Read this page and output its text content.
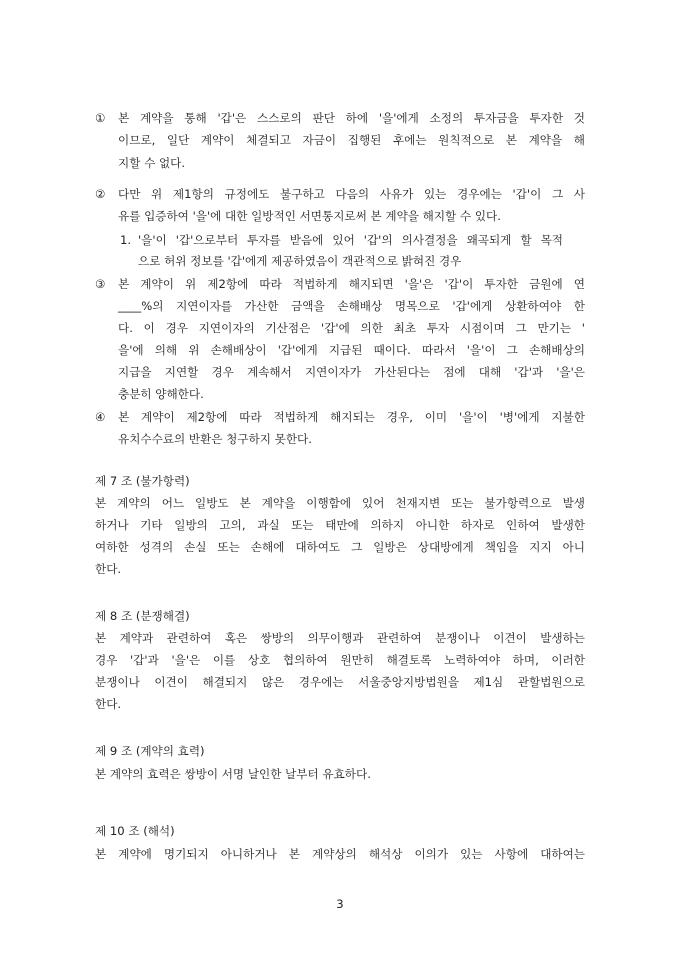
① 본 계약을 통해 '갑'은 스스로의 판단 하에 '을'에게 소정의 투자금을 투자한 것
이므로, 일단 계약이 체결되고 자금이 집행된 후에는 원칙적으로 본 계약을 해
지할 수 없다.
② 다만 위 제1항의 규정에도 불구하고 다음의 사유가 있는 경우에는 '갑'이 그 사
유를 입증하여 '을'에 대한 일방적인 서면통지로써 본 계약을 해지할 수 있다.
1. '을'이 '갑'으로부터 투자를 받음에 있어 '갑'의 의사결정을 왜곡되게 할 목적
으로 허위 정보를 '갑'에게 제공하였음이 객관적으로 밝혀진 경우
③ 본 계약이 위 제2항에 따라 적법하게 해지되면 '을'은 '갑'이 투자한 금원에 연
____%의 지연이자를 가산한 금액을 손해배상 명목으로 '갑'에게 상환하여야 한
다. 이 경우 지연이자의 기산점은 '갑'에 의한 최초 투자 시점이며 그 만기는 '
을'에 의해 위 손해배상이 '갑'에게 지급된 때이다. 따라서 '을'이 그 손해배상의
지급을 지연할 경우 계속해서 지연이자가 가산된다는 점에 대해 '갑'과 '을'은
충분히 양해한다.
④ 본 계약이 제2항에 따라 적법하게 해지되는 경우, 이미 '을'이 '병'에게 지불한
유치수수료의 반환은 청구하지 못한다.
제 7 조 (불가항력)
본 계약의 어느 일방도 본 계약을 이행함에 있어 천재지변 또는 불가항력으로 발생
하거나 기타 일방의 고의, 과실 또는 태만에 의하지 아니한 하자로 인하여 발생한
여하한 성격의 손실 또는 손해에 대하여도 그 일방은 상대방에게 책임을 지지 아니
한다.
제 8 조 (분쟁해결)
본 계약과 관련하여 혹은 쌍방의 의무이행과 관련하여 분쟁이나 이견이 발생하는
경우 '갑'과 '을'은 이를 상호 협의하여 원만히 해결토록 노력하여야 하며, 이러한
분쟁이나 이견이 해결되지 않은 경우에는 서울중앙지방법원을 제1심 관할법원으로
한다.
제 9 조 (계약의 효력)
본 계약의 효력은 쌍방이 서명 날인한 날부터 유효하다.
제 10 조 (해석)
본 계약에 명기되지 아니하거나 본 계약상의 해석상 이의가 있는 사항에 대하여는
3
